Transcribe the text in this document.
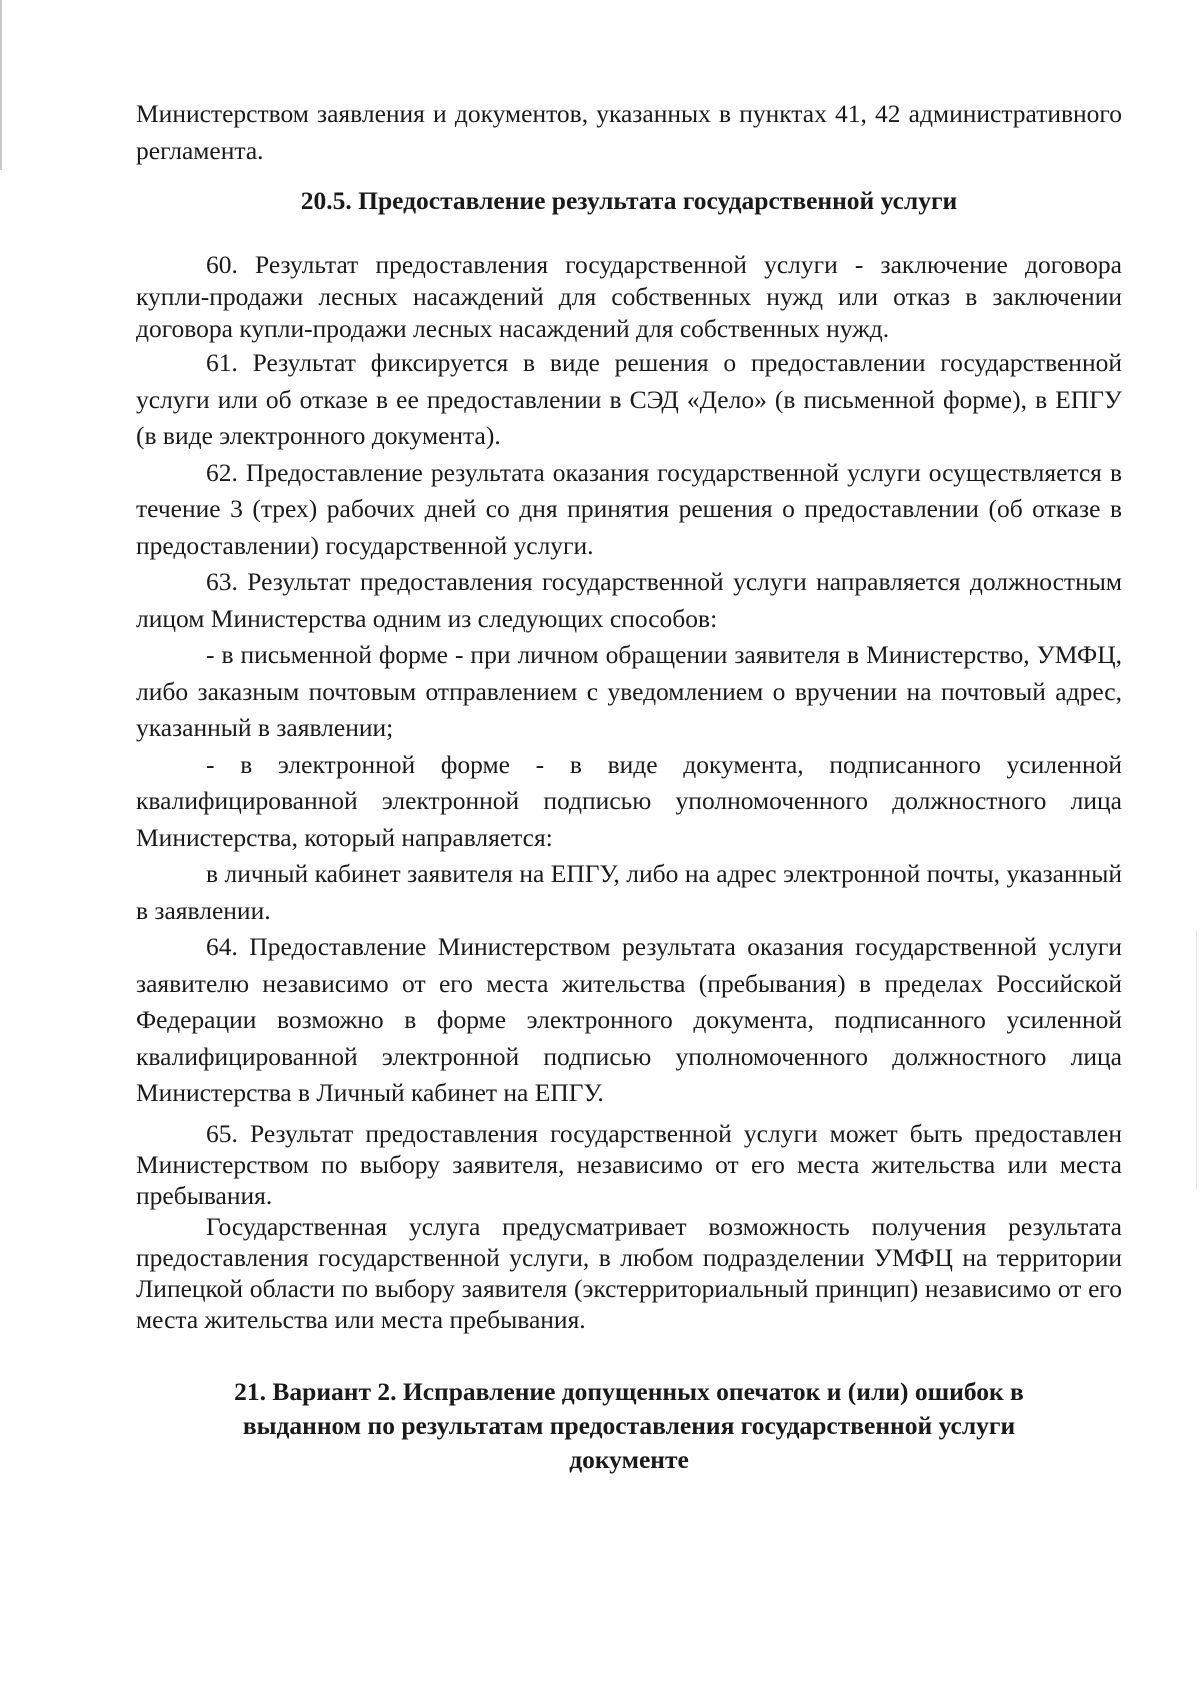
Министерством заявления и документов, указанных в пунктах 41, 42 административного регламента.

20.5. Предоставление результата государственной услуги

60. Результат предоставления государственной услуги - заключение договора купли-продажи лесных насаждений для собственных нужд или отказ в заключении договора купли-продажи лесных насаждений для собственных нужд.

61. Результат фиксируется в виде решения о предоставлении государственной услуги или об отказе в ее предоставлении в СЭД «Дело» (в письменной форме), в ЕПГУ (в виде электронного документа).

62. Предоставление результата оказания государственной услуги осуществляется в течение 3 (трех) рабочих дней со дня принятия решения о предоставлении (об отказе в предоставлении) государственной услуги.

63. Результат предоставления государственной услуги направляется должностным лицом Министерства одним из следующих способов:

- в письменной форме - при личном обращении заявителя в Министерство, УМФЦ, либо заказным почтовым отправлением с уведомлением о вручении на почтовый адрес, указанный в заявлении;

- в электронной форме - в виде документа, подписанного усиленной квалифицированной электронной подписью уполномоченного должностного лица Министерства, который направляется:

в личный кабинет заявителя на ЕПГУ, либо на адрес электронной почты, указанный в заявлении.

64. Предоставление Министерством результата оказания государственной услуги заявителю независимо от его места жительства (пребывания) в пределах Российской Федерации возможно в форме электронного документа, подписанного усиленной квалифицированной электронной подписью уполномоченного должностного лица Министерства в Личный кабинет на ЕПГУ.

65. Результат предоставления государственной услуги может быть предоставлен Министерством по выбору заявителя, независимо от его места жительства или места пребывания.

Государственная услуга предусматривает возможность получения результата предоставления государственной услуги, в любом подразделении УМФЦ на территории Липецкой области по выбору заявителя (экстерриториальный принцип) независимо от его места жительства или места пребывания.

21. Вариант 2. Исправление допущенных опечаток и (или) ошибок в
выданном по результатам предоставления государственной услуги
документе
